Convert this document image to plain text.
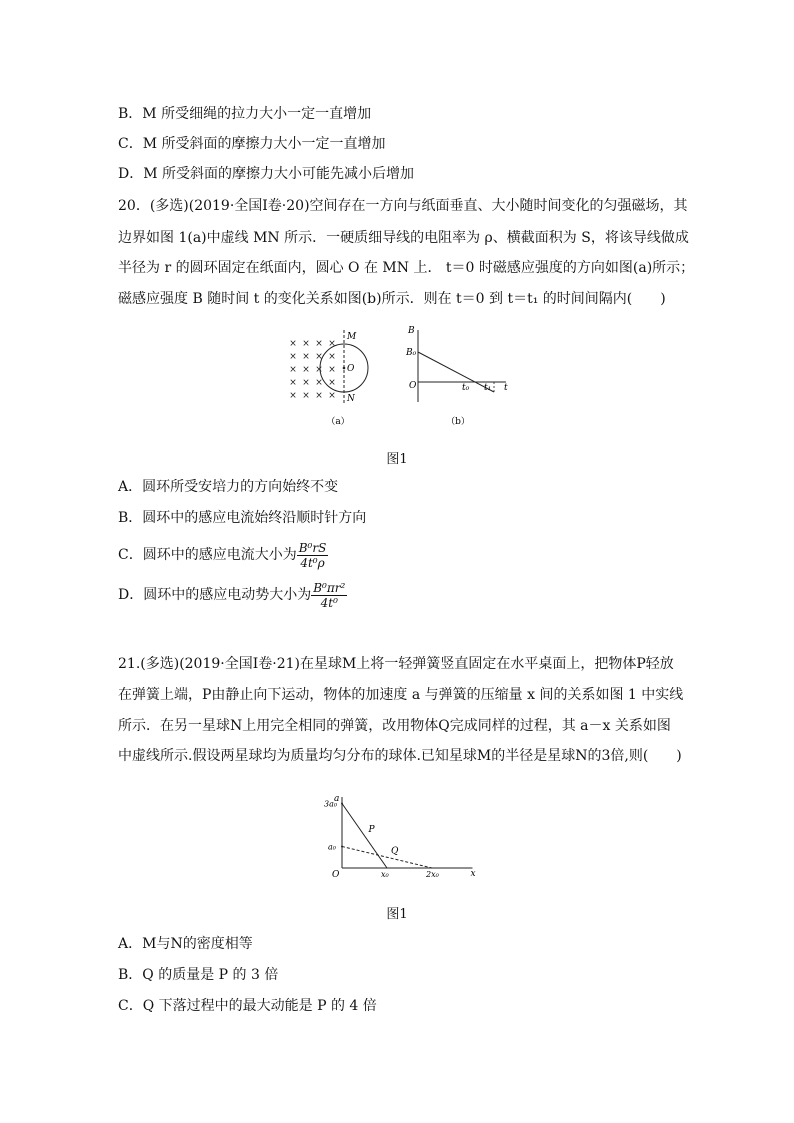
B．M 所受细绳的拉力大小一定一直增加
C．M 所受斜面的摩擦力大小一定一直增加
D．M 所受斜面的摩擦力大小可能先减小后增加
20．(多选)(2019·全国Ⅰ卷·20)空间存在一方向与纸面垂直、大小随时间变化的匀强磁场，其
边界如图 1(a)中虚线 MN 所示．一硬质细导线的电阻率为 ρ、横截面积为 S，将该导线做成
半径为 r 的圆环固定在纸面内，圆心 O 在 MN 上． t＝0 时磁感应强度的方向如图(a)所示；
磁感应强度 B 随时间 t 的变化关系如图(b)所示．则在 t＝0 到 t＝t₁ 的时间间隔内(　　)
× × × ×
× × × ×
× × × ×
× × × ×
× × × ×
M
O
N
（a）
B
B₀
O	t₀ t₁ t
（b）
图1
A．圆环所受安培力的方向始终不变
B．圆环中的感应电流始终沿顺时针方向
C．圆环中的感应电流大小为 $\frac{\text{B⁰rS}}{\text{4t⁰ρ}}$
D．圆环中的感应电动势大小为 $\frac{\text{B⁰πr²}}{\text{4t⁰}}$
21.(多选)(2019·全国Ⅰ卷·21)在星球M上将一轻弹簧竖直固定在水平桌面上，把物体P轻放
在弹簧上端，P由静止向下运动，物体的加速度 a 与弹簧的压缩量 x 间的关系如图 1 中实线
所示．在另一星球N上用完全相同的弹簧，改用物体Q完成同样的过程，其 a－x 关系如图
中虚线所示.假设两星球均为质量均匀分布的球体.已知星球M的半径是星球N的3倍,则(　　)
x
a
O	x₀	2x₀
a₀
3a₀
P
Q
图1
A．M与N的密度相等
B．Q 的质量是 P 的 3 倍
C．Q 下落过程中的最大动能是 P 的 4 倍
